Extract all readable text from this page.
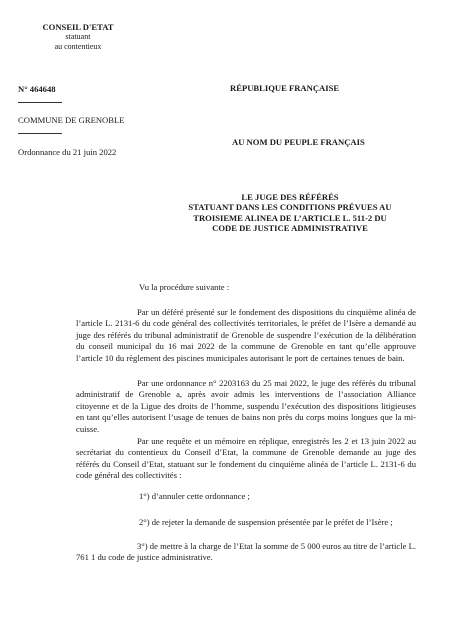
CONSEIL D'ETAT
statuant
au contentieux
N° 464648
COMMUNE DE GRENOBLE
Ordonnance du 21 juin 2022
RÉPUBLIQUE FRANÇAISE
AU NOM DU PEUPLE FRANÇAIS
LE JUGE DES RÉFÉRÉS
STATUANT DANS LES CONDITIONS PRÉVUES AU
TROISIEME ALINEA DE L’ARTICLE L. 511-2 DU
CODE DE JUSTICE ADMINISTRATIVE
Vu la procédure suivante :
Par un déféré présenté sur le fondement des dispositions du cinquième alinéa de l’article L. 2131-6 du code général des collectivités territoriales, le préfet de l’Isère a demandé au juge des référés du tribunal administratif de Grenoble de suspendre l’exécution de la délibération du conseil municipal du 16 mai 2022 de la commune de Grenoble en tant qu’elle approuve l’article 10 du règlement des piscines municipales autorisant le port de certaines tenues de bain.
Par une ordonnance n° 2203163 du 25 mai 2022, le juge des référés du tribunal administratif de Grenoble a, après avoir admis les interventions de l’association Alliance citoyenne et de la Ligue des droits de l’homme, suspendu l’exécution des dispositions litigieuses en tant qu’elles autorisent l’usage de tenues de bains non près du corps moins longues que la mi-cuisse.
Par une requête et un mémoire en réplique, enregistrés les 2 et 13 juin 2022 au secrétariat du contentieux du Conseil d’Etat, la commune de Grenoble demande au juge des référés du Conseil d’Etat, statuant sur le fondement du cinquième alinéa de l’article L. 2131-6 du code général des collectivités :
1°) d’annuler cette ordonnance ;
2°) de rejeter la demande de suspension présentée par le préfet de l’Isère ;
3°) de mettre à la charge de l’Etat la somme de 5 000 euros au titre de l’article L. 761 1 du code de justice administrative.
